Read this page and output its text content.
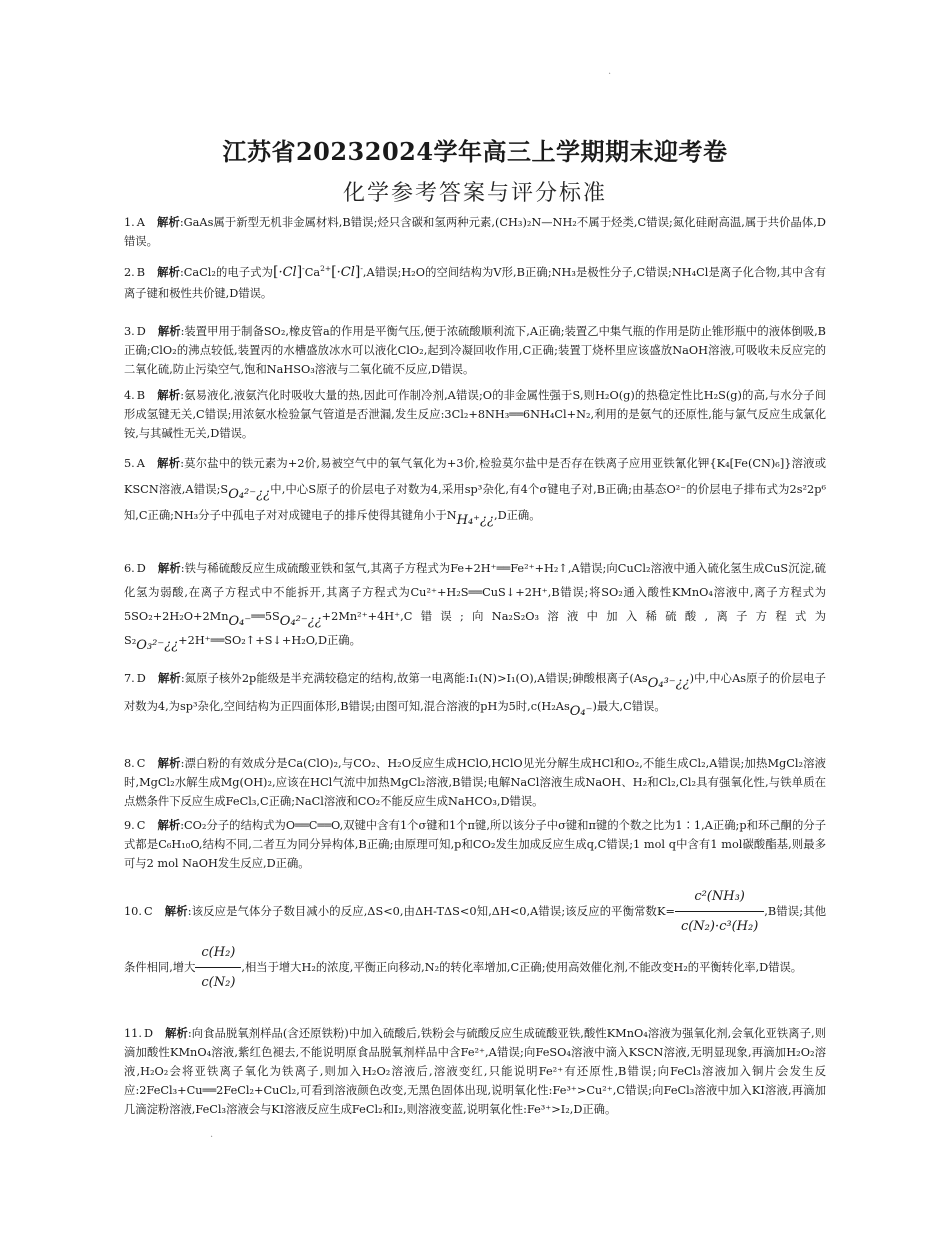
.
江苏省20232024学年高三上学期期末迎考卷
化学参考答案与评分标准
1. A 解析:GaAs属于新型无机非金属材料,B错误;烃只含碳和氢两种元素,(CH₃)₂N—NH₂不属于烃类,C错误;氮化硅耐高温,属于共价晶体,D错误。
2. B 解析:CaCl₂的电子式为$[\cdot Cl]^-Ca^{2+}[\cdot Cl]^-,A$错误;H₂O的空间结构为V形,B正确;NH₃是极性分子,C错误;NH₄Cl是离子化合物,其中含有离子键和极性共价键,D错误。
3. D 解析:装置甲用于制备SO₂,橡皮管a的作用是平衡气压,便于浓硫酸顺利流下,A正确;装置乙中集气瓶的作用是防止锥形瓶中的液体倒吸,B正确;ClO₂的沸点较低,装置丙的水槽盛放冰水可以液化ClO₂,起到冷凝回收作用,C正确;装置丁烧杯里应该盛放NaOH溶液,可吸收未反应完的二氧化硫,防止污染空气,饱和NaHSO₃溶液与二氧化硫不反应,D错误。
4. B 解析:氨易液化,液氨汽化时吸收大量的热,因此可作制冷剂,A错误;O的非金属性强于S,则H₂O(g)的热稳定性比H₂S(g)的高,与水分子间形成氢键无关,C错误;用浓氨水检验氯气管道是否泄漏,发生反应:3Cl₂+8NH₃══6NH₄Cl+N₂,利用的是氨气的还原性,能与氯气反应生成氯化铵,与其碱性无关,D错误。
5. A 解析:莫尔盐中的铁元素为+2价,易被空气中的氧气氧化为+3价,检验莫尔盐中是否存在铁离子应用亚铁氰化钾{K₄[Fe(CN)₆]}溶液或KSCN溶液,A错误;SO₄²⁻¿¿中,中心S原子的价层电子对数为4,采用sp³杂化,有4个σ键电子对,B正确;由基态O²⁻的价层电子排布式为2s²2p⁶知,C正确;NH₃分子中孤电子对对成键电子的排斥使得其键角小于NH₄⁺¿¿,D正确。
6. D 解析:铁与稀硫酸反应生成硫酸亚铁和氢气,其离子方程式为Fe+2H⁺══Fe²⁺+H₂↑,A错误;向CuCl₂溶液中通入硫化氢生成CuS沉淀,硫化氢为弱酸,在离子方程式中不能拆开,其离子方程式为Cu²⁺+H₂S══CuS↓+2H⁺,B错误;将SO₂通入酸性KMnO₄溶液中,离子方程式为5SO₂+2H₂O+2MnO₄⁻══5SO₄²⁻¿¿+2Mn²⁺+4H⁺,C错误;向Na₂S₂O₃溶液中加入稀硫酸,离子方程式为S₂O₃²⁻¿¿+2H⁺══SO₂↑+S↓+H₂O,D正确。
7. D 解析:氮原子核外2p能级是半充满较稳定的结构,故第一电离能:I₁(N)>I₁(O),A错误;砷酸根离子(AsO₄³⁻¿¿)中,中心As原子的价层电子对数为4,为sp³杂化,空间结构为正四面体形,B错误;由图可知,混合溶液的pH为5时,c(H₂AsO₄⁻)最大,C错误。
8. C 解析:漂白粉的有效成分是Ca(ClO)₂,与CO₂、H₂O反应生成HClO,HClO见光分解生成HCl和O₂,不能生成Cl₂,A错误;加热MgCl₂溶液时,MgCl₂水解生成Mg(OH)₂,应该在HCl气流中加热MgCl₂溶液,B错误;电解NaCl溶液生成NaOH、H₂和Cl₂,Cl₂具有强氧化性,与铁单质在点燃条件下反应生成FeCl₃,C正确;NaCl溶液和CO₂不能反应生成NaHCO₃,D错误。
9. C 解析:CO₂分子的结构式为O══C══O,双键中含有1个σ键和1个π键,所以该分子中σ键和π键的个数之比为1∶1,A正确;p和环己酮的分子式都是C₆H₁₀O,结构不同,二者互为同分异构体,B正确;由原理可知,p和CO₂发生加成反应生成q,C错误;1 mol q中含有1 mol碳酸酯基,则最多可与2 mol NaOH发生反应,D正确。
10. C 解析:该反应是气体分子数目减小的反应,ΔS<0,由ΔH-TΔS<0知,ΔH<0,A错误;该反应的平衡常数$K= \frac{\text{c²(NH₃)}}{\text{c(N₂)·c³(H₂)}} ,B$错误;其他条件相同,增大 $\frac{\text{c(H₂)}}{\text{c(N₂)}}$ ,相当于增大H₂的浓度,平衡正向移动,N₂的转化率增加,C正确;使用高效催化剂,不能改变H₂的平衡转化率,D错误。
11. D 解析:向食品脱氧剂样品(含还原铁粉)中加入硫酸后,铁粉会与硫酸反应生成硫酸亚铁,酸性KMnO₄溶液为强氧化剂,会氧化亚铁离子,则滴加酸性KMnO₄溶液,紫红色褪去,不能说明原食品脱氧剂样品中含Fe²⁺,A错误;向FeSO₄溶液中滴入KSCN溶液,无明显现象,再滴加H₂O₂溶液,H₂O₂会将亚铁离子氧化为铁离子,则加入H₂O₂溶液后,溶液变红,只能说明Fe²⁺有还原性,B错误;向FeCl₃溶液加入铜片会发生反应:2FeCl₃+Cu══2FeCl₂+CuCl₂,可看到溶液颜色改变,无黑色固体出现,说明氧化性:Fe³⁺>Cu²⁺,C错误;向FeCl₃溶液中加入KI溶液,再滴加几滴淀粉溶液,FeCl₃溶液会与KI溶液反应生成FeCl₂和I₂,则溶液变蓝,说明氧化性:Fe³⁺>I₂,D正确。
·
